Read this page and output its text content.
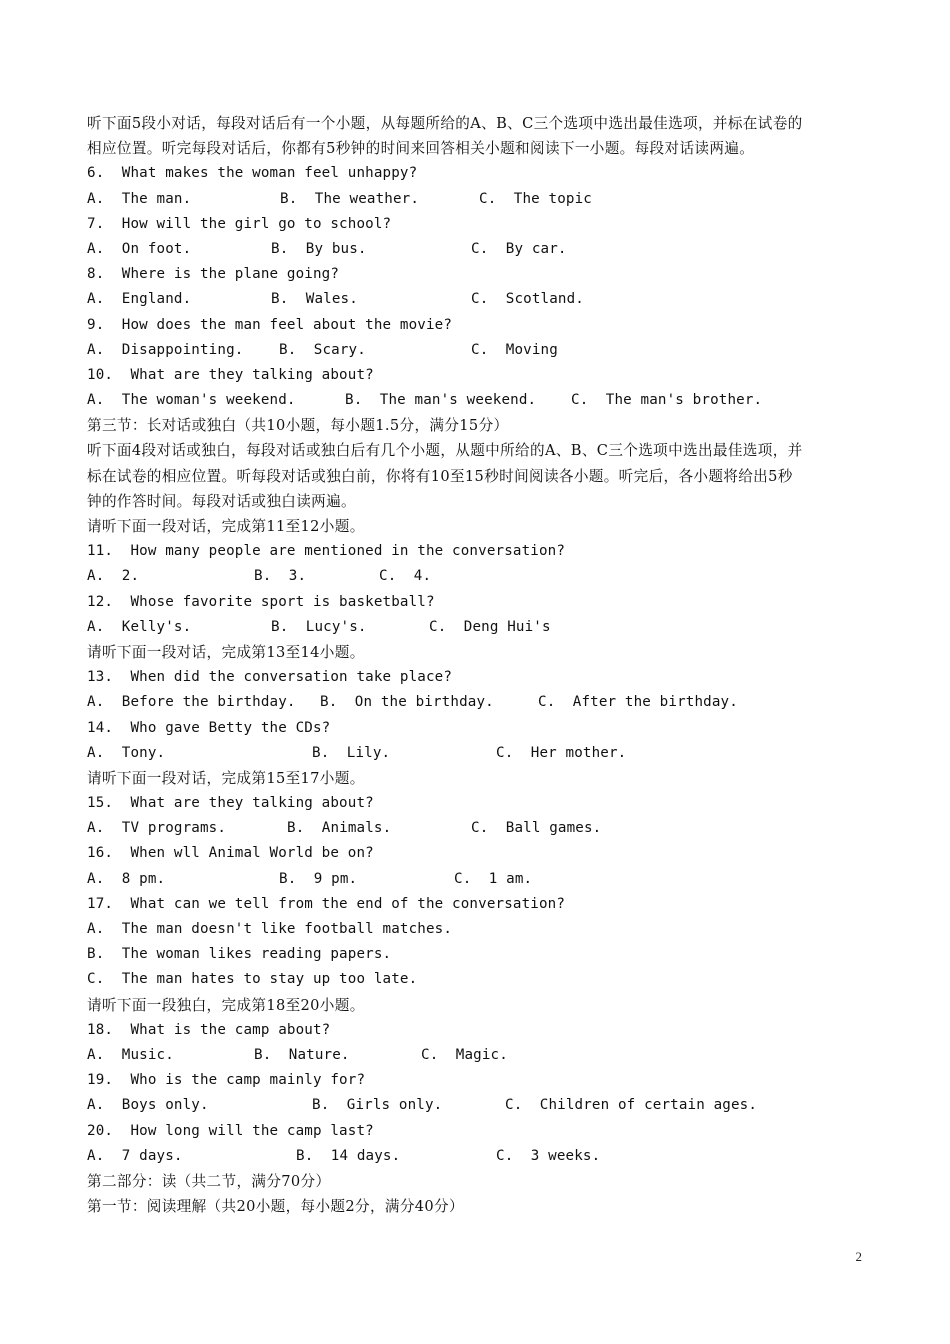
听下面5段小对话，每段对话后有一个小题，从每题所给的A、B、C三个选项中选出最佳选项，并标在试卷的
相应位置。听完每段对话后，你都有5秒钟的时间来回答相关小题和阅读下一小题。每段对话读两遍。
6.  What makes the woman feel unhappy?
A.  The man.	B.  The weather.	C.  The topic
7.  How will the girl go to school?
A.  On foot.	B.  By bus.	C.  By car.
8.  Where is the plane going?
A.  England.	B.  Wales.	C.  Scotland.
9.  How does the man feel about the movie?
A.  Disappointing.	B.  Scary.	C.  Moving
10.  What are they talking about?
A.  The woman's weekend.	B.  The man's weekend.	C.  The man's brother.
第三节：长对话或独白（共10小题，每小题1.5分，满分15分）
听下面4段对话或独白，每段对话或独白后有几个小题，从题中所给的A、B、C三个选项中选出最佳选项，并
标在试卷的相应位置。听每段对话或独白前，你将有10至15秒时间阅读各小题。听完后，各小题将给出5秒
钟的作答时间。每段对话或独白读两遍。
请听下面一段对话，完成第11至12小题。
11.  How many people are mentioned in the conversation?
A.  2.	B.  3.	C.  4.
12.  Whose favorite sport is basketball?
A.  Kelly's.	B.  Lucy's.	C.  Deng Hui's
请听下面一段对话，完成第13至14小题。
13.  When did the conversation take place?
A.  Before the birthday.	B.  On the birthday.	C.  After the birthday.
14.  Who gave Betty the CDs?
A.  Tony.	B.  Lily.	C.  Her mother.
请听下面一段对话，完成第15至17小题。
15.  What are they talking about?
A.  TV programs.	B.  Animals.	C.  Ball games.
16.  When wll Animal World be on?
A.  8 pm.	B.  9 pm.	C.  1 am.
17.  What can we tell from the end of the conversation?
A.  The man doesn't like football matches.
B.  The woman likes reading papers.
C.  The man hates to stay up too late.
请听下面一段独白，完成第18至20小题。
18.  What is the camp about?
A.  Music.	B.  Nature.	C.  Magic.
19.  Who is the camp mainly for?
A.  Boys only.	B.  Girls only.	C.  Children of certain ages.
20.  How long will the camp last?
A.  7 days.	B.  14 days.	C.  3 weeks.
第二部分：读（共二节，满分70分）
第一节：阅读理解（共20小题，每小题2分，满分40分）
2
